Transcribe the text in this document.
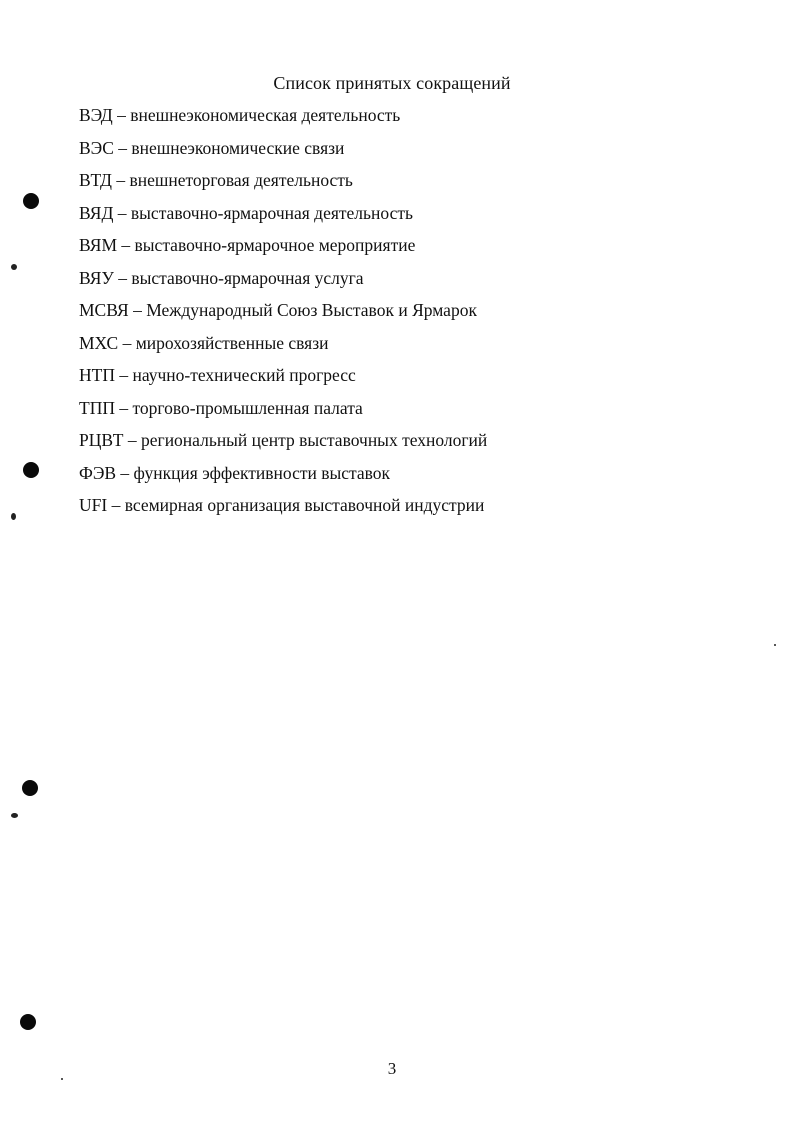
Список принятых сокращений
ВЭД – внешнеэкономическая деятельность
ВЭС – внешнеэкономические связи
ВТД – внешнеторговая деятельность
ВЯД – выставочно-ярмарочная деятельность
ВЯМ – выставочно-ярмарочное мероприятие
ВЯУ – выставочно-ярмарочная услуга
МСВЯ – Международный Союз Выставок и Ярмарок
МХС – мирохозяйственные связи
НТП – научно-технический прогресс
ТПП – торгово-промышленная палата
РЦВТ – региональный центр выставочных технологий
ФЭВ – функция эффективности выставок
UFI – всемирная организация выставочной индустрии
3
